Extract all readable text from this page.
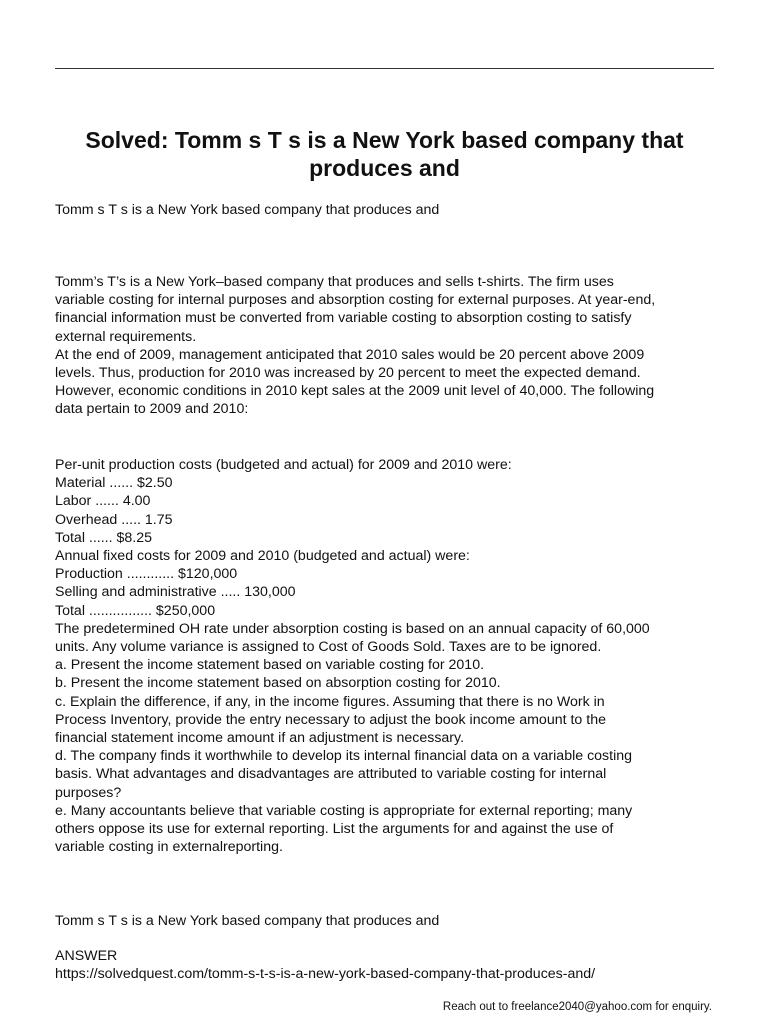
Solved: Tomm s T s is a New York based company that produces and

Tomm s T s is a New York based company that produces and

Tomm’s T’s is a New York–based company that produces and sells t-shirts. The firm uses

variable costing for internal purposes and absorption costing for external purposes. At year-end,

financial information must be converted from variable costing to absorption costing to satisfy

external requirements.

At the end of 2009, management anticipated that 2010 sales would be 20 percent above 2009

levels. Thus, production for 2010 was increased by 20 percent to meet the expected demand.

However, economic conditions in 2010 kept sales at the 2009 unit level of 40,000. The following

data pertain to 2009 and 2010:

Per-unit production costs (budgeted and actual) for 2009 and 2010 were:

Material ...... $2.50

Labor ...... 4.00

Overhead ..... 1.75

Total ...... $8.25

Annual fixed costs for 2009 and 2010 (budgeted and actual) were:

Production ............ $120,000

Selling and administrative ..... 130,000

Total ................ $250,000

The predetermined OH rate under absorption costing is based on an annual capacity of 60,000

units. Any volume variance is assigned to Cost of Goods Sold. Taxes are to be ignored.

a. Present the income statement based on variable costing for 2010.

b. Present the income statement based on absorption costing for 2010.

c. Explain the difference, if any, in the income figures. Assuming that there is no Work in

Process Inventory, provide the entry necessary to adjust the book income amount to the

financial statement income amount if an adjustment is necessary.

d. The company finds it worthwhile to develop its internal financial data on a variable costing

basis. What advantages and disadvantages are attributed to variable costing for internal

purposes?

e. Many accountants believe that variable costing is appropriate for external reporting; many

others oppose its use for external reporting. List the arguments for and against the use of

variable costing in externalreporting.

Tomm s T s is a New York based company that produces and

ANSWER

https://solvedquest.com/tomm-s-t-s-is-a-new-york-based-company-that-produces-and/

Reach out to freelance2040@yahoo.com for enquiry.
